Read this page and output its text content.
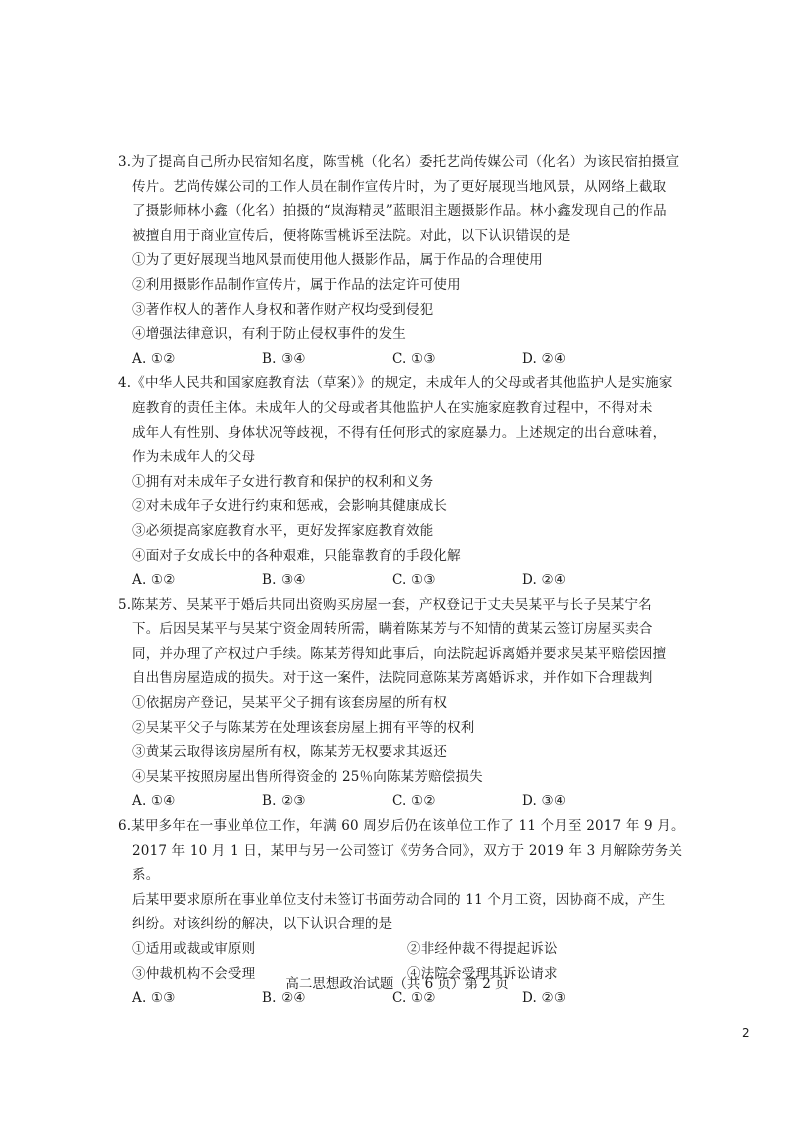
3.为了提高自己所办民宿知名度，陈雪桃（化名）委托艺尚传媒公司（化名）为该民宿拍摄宣

传片。艺尚传媒公司的工作人员在制作宣传片时，为了更好展现当地风景，从网络上截取

了摄影师林小鑫（化名）拍摄的“岚海精灵”蓝眼泪主题摄影作品。林小鑫发现自己的作品

被擅自用于商业宣传后，便将陈雪桃诉至法院。对此，以下认识错误的是

①为了更好展现当地风景而使用他人摄影作品，属于作品的合理使用

②利用摄影作品制作宣传片，属于作品的法定许可使用

③著作权人的著作人身权和著作财产权均受到侵犯

④增强法律意识，有利于防止侵权事件的发生

A. ①②	B. ③④	C. ①③	D. ②④

4.《中华人民共和国家庭教育法（草案）》的规定，未成年人的父母或者其他监护人是实施家

庭教育的责任主体。未成年人的父母或者其他监护人在实施家庭教育过程中，不得对未

成年人有性别、身体状况等歧视，不得有任何形式的家庭暴力。上述规定的出台意味着，

作为未成年人的父母

①拥有对未成年子女进行教育和保护的权利和义务

②对未成年子女进行约束和惩戒，会影响其健康成长

③必须提高家庭教育水平，更好发挥家庭教育效能

④面对子女成长中的各种艰难，只能靠教育的手段化解

A. ①②	B. ③④	C. ①③	D. ②④

5.陈某芳、吴某平于婚后共同出资购买房屋一套，产权登记于丈夫吴某平与长子吴某宁名

下。后因吴某平与吴某宁资金周转所需，瞒着陈某芳与不知情的黄某云签订房屋买卖合

同，并办理了产权过户手续。陈某芳得知此事后，向法院起诉离婚并要求吴某平赔偿因擅

自出售房屋造成的损失。对于这一案件，法院同意陈某芳离婚诉求，并作如下合理裁判

①依据房产登记，吴某平父子拥有该套房屋的所有权

②吴某平父子与陈某芳在处理该套房屋上拥有平等的权利

③黄某云取得该房屋所有权，陈某芳无权要求其返还

④吴某平按照房屋出售所得资金的 25％向陈某芳赔偿损失

A. ①④	B. ②③	C. ①②	D. ③④

6.某甲多年在一事业单位工作，年满 60 周岁后仍在该单位工作了 11 个月至 2017 年 9 月。

2017 年 10 月 1 日，某甲与另一公司签订《劳务合同》，双方于 2019 年 3 月解除劳务关系。

后某甲要求原所在事业单位支付未签订书面劳动合同的 11 个月工资，因协商不成，产生

纠纷。对该纠纷的解决，以下认识合理的是

①适用或裁或审原则	②非经仲裁不得提起诉讼
③仲裁机构不会受理	④法院会受理其诉讼请求
A. ①③	B. ②④	C. ①②	D. ②③
高二思想政治试题（共 6 页）第 2 页
2
